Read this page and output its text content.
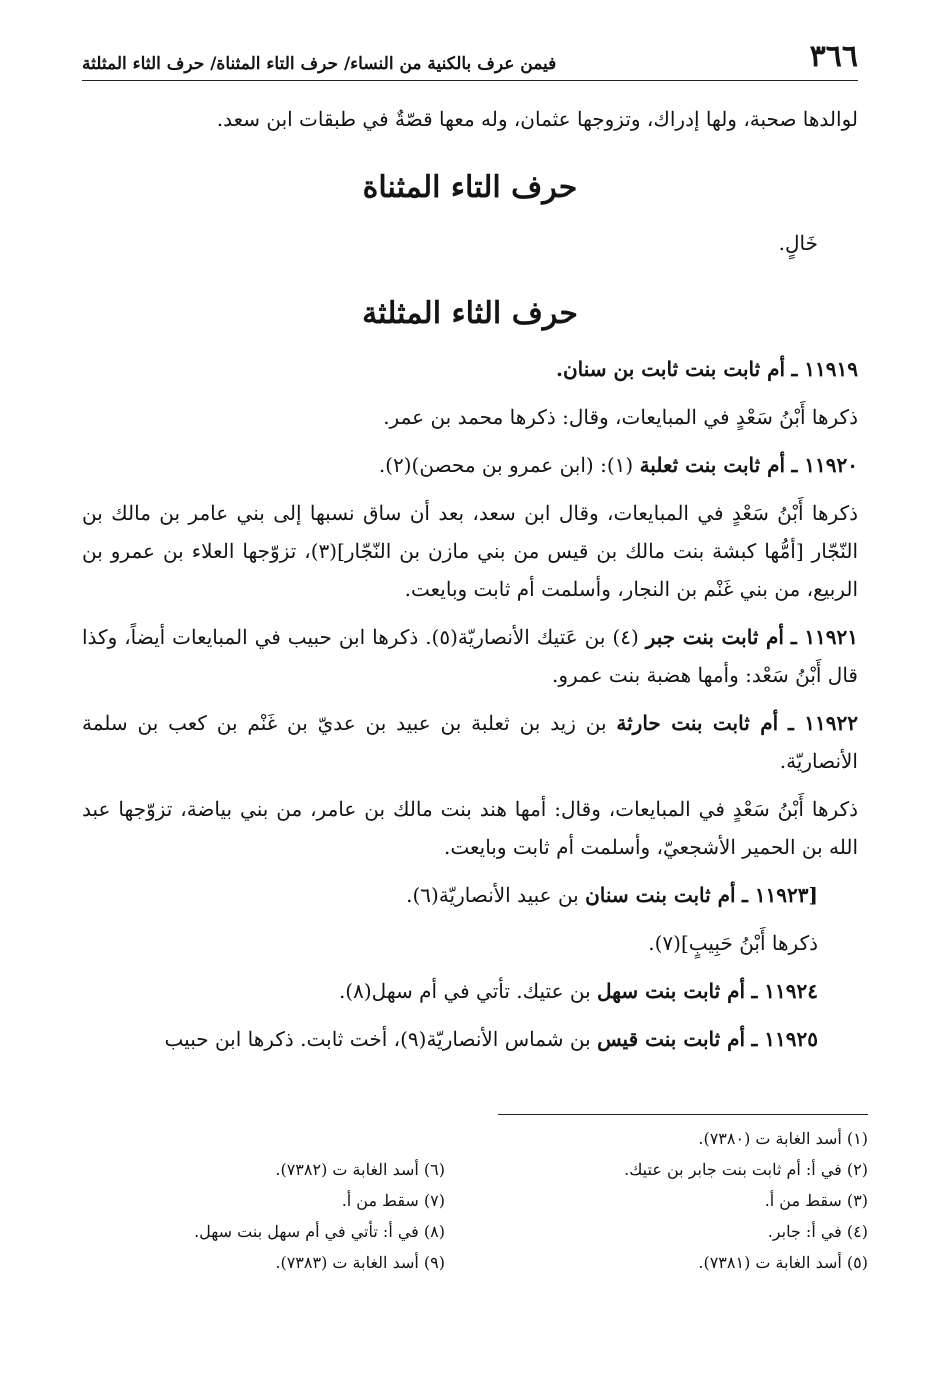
٣٦٦
فيمن عرف بالكنية من النساء/ حرف التاء المثناة/ حرف الثاء المثلثة

لوالدها صحبة، ولها إدراك، وتزوجها عثمان، وله معها قصّةٌ في طبقات ابن سعد.

حرف التاء المثناة

خَالٍ.

حرف الثاء المثلثة

١١٩١٩ ـ أم ثابت بنت ثابت بن سنان.

ذكرها أَبْنُ سَعْدٍ في المبايعات، وقال: ذكرها محمد بن عمر.

١١٩٢٠ ـ أم ثابت بنت ثعلبة (١): (ابن عمرو بن محصن)(٢).

ذكرها أَبْنُ سَعْدٍ في المبايعات، وقال ابن سعد، بعد أن ساق نسبها إلى بني عامر بن مالك بن النّجّار [أمُّها كبشة بنت مالك بن قيس من بني مازن بن النّجّار](٣)، تزوّجها العلاء بن عمرو بن الربيع، من بني غَنْم بن النجار، وأسلمت أم ثابت وبايعت.

١١٩٢١ ـ أم ثابت بنت جبر (٤) بن عَتيك الأنصاريّة(٥). ذكرها ابن حبيب في المبايعات أيضاً، وكذا قال أَبْنُ سَعْد: وأمها هضبة بنت عمرو.

١١٩٢٢ ـ أم ثابت بنت حارثة بن زيد بن ثعلبة بن عبيد بن عديّ بن غَنْم بن كعب بن سلمة الأنصاريّة.

ذكرها أَبْنُ سَعْدٍ في المبايعات، وقال: أمها هند بنت مالك بن عامر، من بني بياضة، تزوّجها عبد الله بن الحمير الأشجعيّ، وأسلمت أم ثابت وبايعت.

[١١٩٢٣ ـ أم ثابت بنت سنان بن عبيد الأنصاريّة(٦).

ذكرها أَبْنُ حَبِيبٍ](٧).

١١٩٢٤ ـ أم ثابت بنت سهل بن عتيك. تأتي في أم سهل(٨).

١١٩٢٥ ـ أم ثابت بنت قيس بن شماس الأنصاريّة(٩)، أخت ثابت. ذكرها ابن حبيب

(١) أسد الغابة ت (٧٣٨٠).
(٢) في أ: أم ثابت بنت جابر بن عتيك.
(٣) سقط من أ.
(٤) في أ: جابر.
(٥) أسد الغابة ت (٧٣٨١).
(٦) أسد الغابة ت (٧٣٨٢).
(٧) سقط من أ.
(٨) في أ: تأتي في أم سهل بنت سهل.
(٩) أسد الغابة ت (٧٣٨٣).
